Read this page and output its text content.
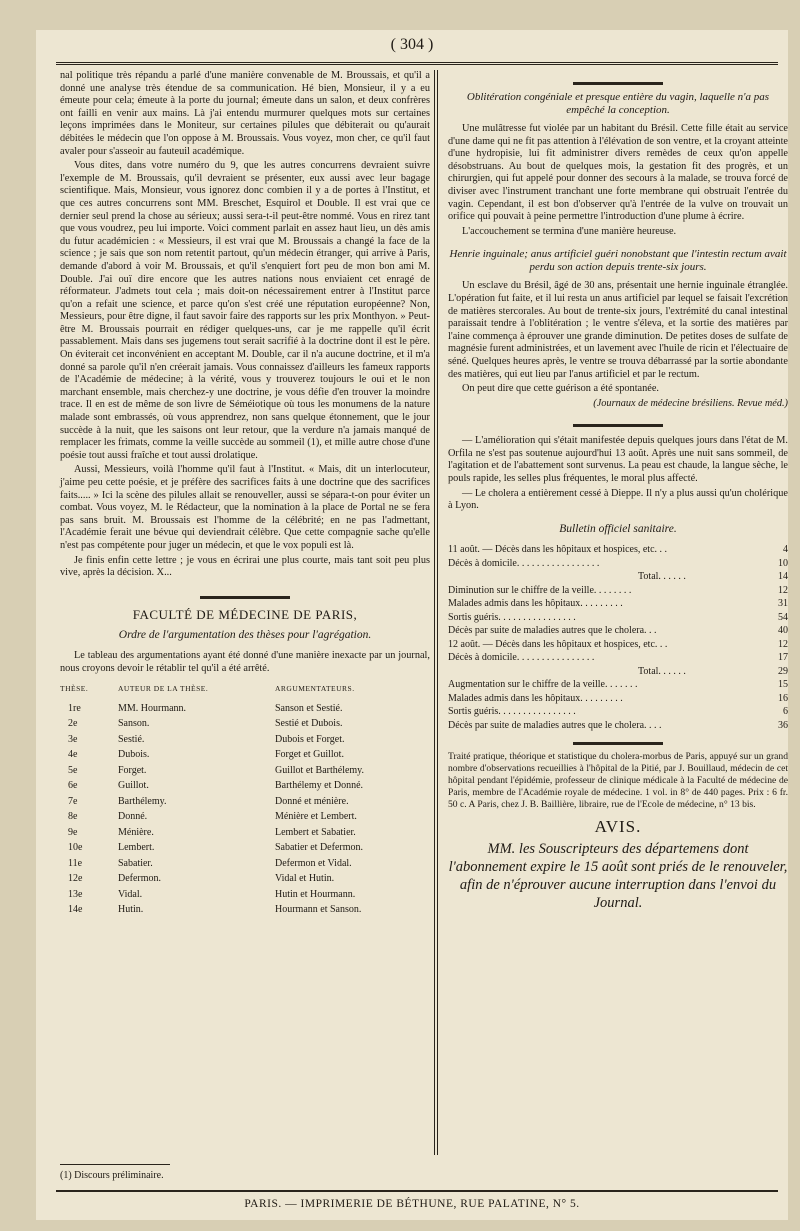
( 304 )

nal politique très répandu a parlé d'une manière convenable de M. Broussais, et qu'il a donné une analyse très étendue de sa communication. Hé bien, Monsieur, il y a eu émeute pour cela; émeute à la porte du journal; émeute dans un salon, et deux confrères ont failli en venir aux mains. Là j'ai entendu murmurer quelques mots sur certaines leçons imprimées dans le Moniteur, sur certaines pilules que débiterait ou qu'aurait débitées le médecin que l'on oppose à M. Broussais. Vous voyez, mon cher, ce qu'il faut avaler pour s'asseoir au fauteuil académique.

Vous dites, dans votre numéro du 9, que les autres concurrens devraient suivre l'exemple de M. Broussais, qu'il devraient se présenter, eux aussi avec leur bagage scientifique. Mais, Monsieur, vous ignorez donc combien il y a de portes à l'Institut, et que ces autres concurrens sont MM. Breschet, Esquirol et Double. Il est vrai que ce dernier seul prend la chose au sérieux; aussi sera-t-il peut-être nommé. Vous en rirez tant que vous voudrez, peu lui importe. Voici comment parlait en assez haut lieu, un dès amis du futur académicien : « Messieurs, il est vrai que M. Broussais a changé la face de la science ; je sais que son nom retentit partout, qu'un médecin étranger, qui arrive à Paris, demande d'abord à voir M. Broussais, et qu'il s'enquiert fort peu de mon bon ami M. Double. J'ai ouï dire encore que les autres nations nous enviaient cet enragé de réformateur. J'admets tout cela ; mais doit-on nécessairement entrer à l'Institut parce qu'on a refait une science, et parce qu'on s'est créé une réputation européenne? Non, Messieurs, pour être digne, il faut savoir faire des rapports sur les prix Monthyon. » Peut-être M. Broussais pourrait en rédiger quelques-uns, car je me rappelle qu'il écrit passablement. Mais dans ses jugemens tout serait sacrifié à la doctrine dont il est le père. On éviterait cet inconvénient en acceptant M. Double, car il n'a aucune doctrine, et il m'a donné sa parole qu'il n'en créerait jamais. Vous connaissez d'ailleurs les fameux rapports de l'Académie de médecine; à la vérité, vous y trouverez toujours le oui et le non marchant ensemble, mais cherchez-y une doctrine, je vous défie d'en trouver la moindre trace. Il en est de même de son livre de Séméiotique où tous les monumens de la nature malade sont embrassés, où vous apprendrez, non sans quelque étonnement, que le jour succède à la nuit, que les saisons ont leur retour, que la verdure n'a jamais manqué de remplacer les frimats, comme la veille succède au sommeil (1), et mille autre chose d'une poésie tout aussi fraîche et tout aussi drolatique.

Aussi, Messieurs, voilà l'homme qu'il faut à l'Institut. « Mais, dit un interlocuteur, j'aime peu cette poésie, et je préfère des sacrifices faits à une doctrine que des sacrifices faits..... » Ici la scène des pilules allait se renouveller, aussi se sépara-t-on pour éviter un combat. Vous voyez, M. le Rédacteur, que la nomination à la place de Portal ne se fera pas sans bruit. M. Broussais est l'homme de la célébrité; en ne pas l'admettant, l'Académie ferait une bévue qui deviendrait célèbre. Que cette compagnie sache qu'elle n'est pas compétente pour juger un médecin, et que le vox populi est là.

Je finis enfin cette lettre ; je vous en écrirai une plus courte, mais tant soit peu plus vive, après la décision. X...

FACULTÉ DE MÉDECINE DE PARIS,
Ordre de l'argumentation des thèses pour l'agrégation.

Le tableau des argumentations ayant été donné d'une manière inexacte par un journal, nous croyons devoir le rétablir tel qu'il a été arrêté.

THÈSE.	AUTEUR DE LA THÈSE.	ARGUMENTATEURS.
1re	MM. Hourmann.	Sanson et Sestié.
2e	Sanson.	Sestié et Dubois.
3e	Sestié.	Dubois et Forget.
4e	Dubois.	Forget et Guillot.
5e	Forget.	Guillot et Barthélemy.
6e	Guillot.	Barthélemy et Donné.
7e	Barthélemy.	Donné et ménière.
8e	Donné.	Ménière et Lembert.
9e	Ménière.	Lembert et Sabatier.
10e	Lembert.	Sabatier et Defermon.
11e	Sabatier.	Defermon et Vidal.
12e	Defermon.	Vidal et Hutin.
13e	Vidal.	Hutin et Hourmann.
14e	Hutin.	Hourmann et Sanson.
(1) Discours préliminaire.
Oblitération congéniale et presque entière du vagin, laquelle n'a pas empêché la conception.

Une mulâtresse fut violée par un habitant du Brésil. Cette fille était au service d'une dame qui ne fit pas attention à l'élévation de son ventre, et la croyant atteinte d'une hydropisie, lui fit administrer divers remèdes de ceux qu'on appelle désobstruans. Au bout de quelques mois, la gestation fit des progrès, et un chirurgien, qui fut appelé pour donner des secours à la malade, se trouva forcé de diviser avec l'instrument tranchant une forte membrane qui obstruait l'entrée du vagin. Cependant, il est bon d'observer qu'à l'entrée de la vulve on trouvait un orifice qui pouvait à peine permettre l'introduction d'une plume à écrire.

L'accouchement se termina d'une manière heureuse.

Henrie inguinale; anus artificiel guéri nonobstant que l'intestin rectum avait perdu son action depuis trente-six jours.

Un esclave du Brésil, âgé de 30 ans, présentait une hernie inguinale étranglée. L'opération fut faite, et il lui resta un anus artificiel par lequel se faisait l'excrétion de matières stercorales. Au bout de trente-six jours, l'extrémité du canal intestinal paraissait tendre à l'oblitération ; le ventre s'éleva, et la sortie des matières par l'aine commença à éprouver une grande diminution. De petites doses de sulfate de magnésie furent administrées, et un lavement avec l'huile de ricin et l'électuaire de séné. Quelques heures après, le ventre se trouva débarrassé par la sortie abondante des matières, qui eut lieu par l'anus artificiel et par le rectum.

On peut dire que cette guérison a été spontanée.

(Journaux de médecine brésiliens. Revue méd.)

— L'amélioration qui s'était manifestée depuis quelques jours dans l'état de M. Orfila ne s'est pas soutenue aujourd'hui 13 août. Après une nuit sans sommeil, de l'agitation et de l'abattement sont survenus. La peau est chaude, la langue sèche, le pouls rapide, les selles plus fréquentes, le moral plus affecté.

— Le cholera a entièrement cessé à Dieppe. Il n'y a plus aussi qu'un cholérique à Lyon.

Bulletin officiel sanitaire.
11 août. — Décès dans les hôpitaux et hospices, etc. . .	4
Décès à domicile. . . . . . . . . . . . . . . . .	10
Total. . . . . .	14
Diminution sur le chiffre de la veille. . . . . . . .	12
Malades admis dans les hôpitaux. . . . . . . . .	31
Sortis guéris. . . . . . . . . . . . . . . .	54
Décès par suite de maladies autres que le cholera. . .	40
12 août. — Décès dans les hôpitaux et hospices, etc. . .	12
Décès à domicile. . . . . . . . . . . . . . . .	17
Total. . . . . .	29
Augmentation sur le chiffre de la veille. . . . . . .	15
Malades admis dans les hôpitaux. . . . . . . . .	16
Sortis guéris. . . . . . . . . . . . . . . .	6
Décès par suite de maladies autres que le cholera. . . .	36

Traité pratique, théorique et statistique du cholera-morbus de Paris, appuyé sur un grand nombre d'observations recueillies à l'hôpital de la Pitié, par J. Bouillaud, médecin de cet hôpital pendant l'épidémie, professeur de clinique médicale à la Faculté de médecine de Paris, membre de l'Académie royale de médecine. 1 vol. in 8° de 440 pages. Prix : 6 fr. 50 c. A Paris, chez J. B. Baillière, libraire, rue de l'Ecole de médecine, n° 13 bis.

AVIS.
MM. les Souscripteurs des départemens dont l'abonnement expire le 15 août sont priés de le renouveler, afin de n'éprouver aucune interruption dans l'envoi du Journal.
PARIS. — IMPRIMERIE DE BÉTHUNE, RUE PALATINE, N° 5.
